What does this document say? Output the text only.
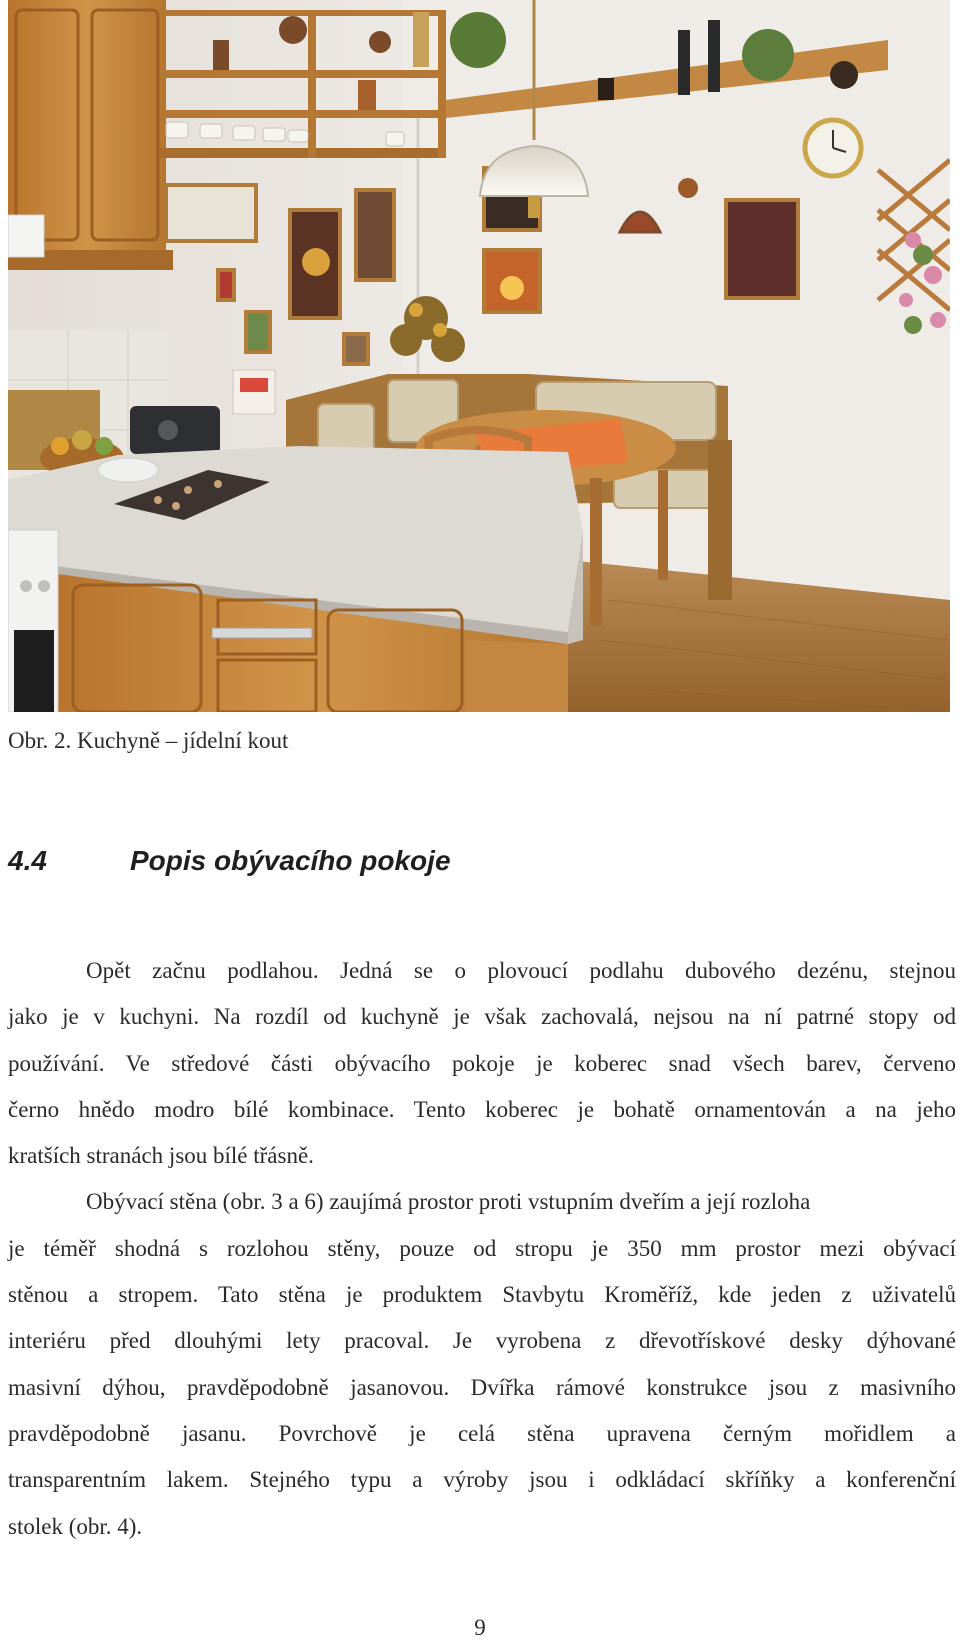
Obr. 2. Kuchyně – jídelní kout
4.4	Popis obývacího pokoje

Opět začnu podlahou. Jedná se o plovoucí podlahu dubového dezénu, stejnou

jako je v kuchyni. Na rozdíl od kuchyně je však zachovalá, nejsou na ní patrné stopy od

používání. Ve středové části obývacího pokoje je koberec snad všech barev, červeno

černo hnědo modro bílé kombinace. Tento koberec je bohatě ornamentován a na jeho

kratších stranách jsou bílé třásně.

Obývací stěna (obr. 3 a 6) zaujímá prostor proti vstupním dveřím a její rozloha

je téměř shodná s rozlohou stěny, pouze od stropu je 350 mm prostor mezi obývací

stěnou a stropem. Tato stěna je produktem Stavbytu Kroměříž, kde jeden z uživatelů

interiéru před dlouhými lety pracoval. Je vyrobena z dřevotřískové desky dýhované

masivní dýhou, pravděpodobně jasanovou. Dvířka rámové konstrukce jsou z masivního

pravděpodobně jasanu. Povrchově je celá stěna upravena černým mořidlem a

transparentním lakem. Stejného typu a výroby jsou i odkládací skříňky a konferenční

stolek (obr. 4).

9
